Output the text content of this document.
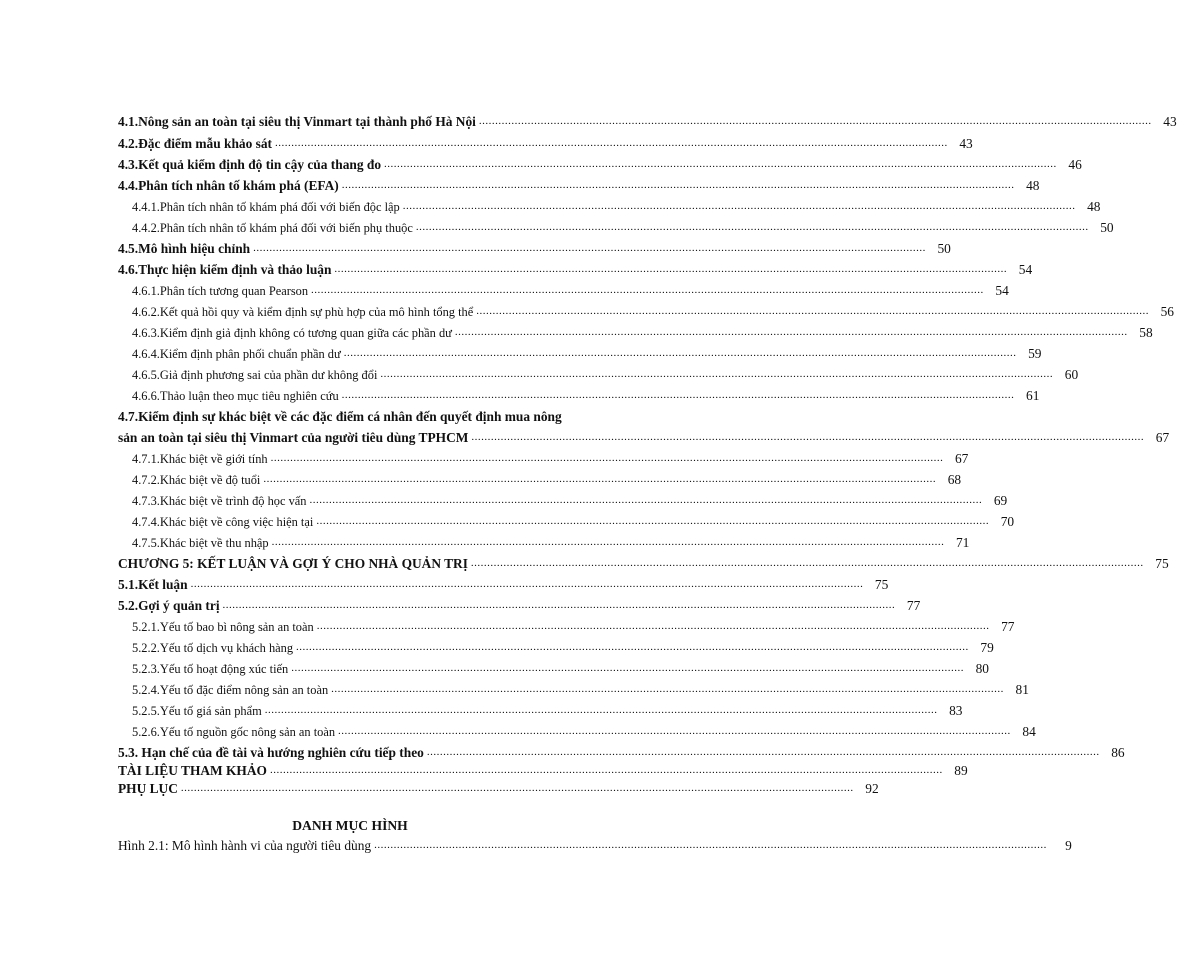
4.1.Nông sản an toàn tại siêu thị Vinmart tại thành phố Hà Nội ............................................................................................................................................................................................................... 43
4.2.Đặc điểm mẫu khảo sát ............................................................................................................................................................................................................... 43
4.3.Kết quả kiểm định độ tin cậy của thang đo ............................................................................................................................................................................................................... 46
4.4.Phân tích nhân tố khám phá (EFA) ............................................................................................................................................................................................................... 48
4.4.1.Phân tích nhân tố khám phá đối với biến độc lập ............................................................................................................................................................................................................... 48
4.4.2.Phân tích nhân tố khám phá đối với biến phụ thuộc ............................................................................................................................................................................................................... 50
4.5.Mô hình hiệu chỉnh ............................................................................................................................................................................................................... 50
4.6.Thực hiện kiểm định và thảo luận ............................................................................................................................................................................................................... 54
4.6.1.Phân tích tương quan Pearson ............................................................................................................................................................................................................... 54
4.6.2.Kết quả hồi quy và kiểm định sự phù hợp của mô hình tổng thể ............................................................................................................................................................................................................... 56
4.6.3.Kiểm định giả định không có tương quan giữa các phần dư ............................................................................................................................................................................................................... 58
4.6.4.Kiểm định phân phối chuẩn phần dư ............................................................................................................................................................................................................... 59
4.6.5.Giả định phương sai của phần dư không đổi ............................................................................................................................................................................................................... 60
4.6.6.Thảo luận theo mục tiêu nghiên cứu ............................................................................................................................................................................................................... 61
4.7.Kiểm định sự khác biệt về các đặc điểm cá nhân đến quyết định mua nông
sản an toàn tại siêu thị Vinmart của người tiêu dùng TPHCM ............................................................................................................................................................................................................... 67
4.7.1.Khác biệt về giới tính ............................................................................................................................................................................................................... 67
4.7.2.Khác biệt về độ tuổi ............................................................................................................................................................................................................... 68
4.7.3.Khác biệt về trình độ học vấn ............................................................................................................................................................................................................... 69
4.7.4.Khác biệt về công việc hiện tại ............................................................................................................................................................................................................... 70
4.7.5.Khác biệt về thu nhập ............................................................................................................................................................................................................... 71
CHƯƠNG 5: KẾT LUẬN VÀ GỢI Ý CHO NHÀ QUẢN TRỊ ............................................................................................................................................................................................................... 75
5.1.Kết luận ............................................................................................................................................................................................................... 75
5.2.Gợi ý quản trị ............................................................................................................................................................................................................... 77
5.2.1.Yếu tố bao bì nông sản an toàn ............................................................................................................................................................................................................... 77
5.2.2.Yếu tố dịch vụ khách hàng ............................................................................................................................................................................................................... 79
5.2.3.Yếu tố hoạt động xúc tiến ............................................................................................................................................................................................................... 80
5.2.4.Yếu tố đặc điểm nông sản an toàn ............................................................................................................................................................................................................... 81
5.2.5.Yếu tố giá sản phẩm ............................................................................................................................................................................................................... 83
5.2.6.Yếu tố nguồn gốc nông sản an toàn ............................................................................................................................................................................................................... 84
5.3. Hạn chế của đề tài và hướng nghiên cứu tiếp theo ............................................................................................................................................................................................................... 86
TÀI LIỆU THAM KHẢO ............................................................................................................................................................................................................... 89
PHỤ LỤC ............................................................................................................................................................................................................... 92
DANH MỤC HÌNH
Hình 2.1: Mô hình hành vi của người tiêu dùng ...............................................................................................................................................................................................................	9
